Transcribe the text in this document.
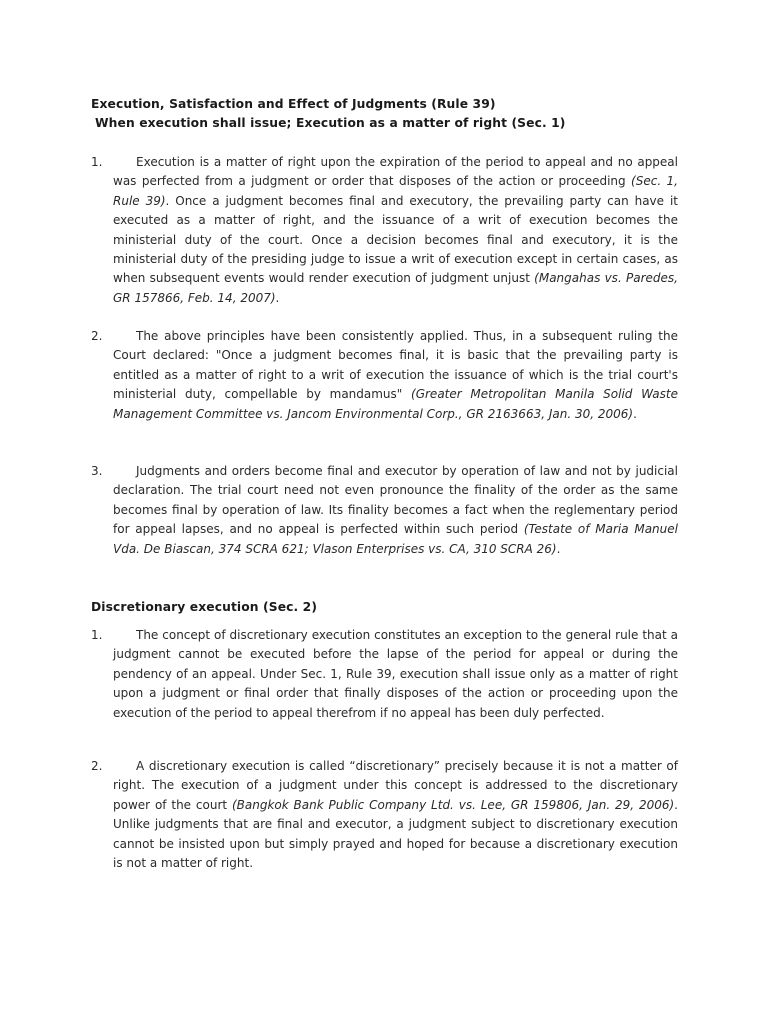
Execution, Satisfaction and Effect of Judgments (Rule 39)
When execution shall issue; Execution as a matter of right (Sec. 1)
1.	Execution is a matter of right upon the expiration of the period to appeal and no appeal was perfected from a judgment or order that disposes of the action or proceeding (Sec. 1, Rule 39). Once a judgment becomes final and executory, the prevailing party can have it executed as a matter of right, and the issuance of a writ of execution becomes the ministerial duty of the court. Once a decision becomes final and executory, it is the ministerial duty of the presiding judge to issue a writ of execution except in certain cases, as when subsequent events would render execution of judgment unjust (Mangahas vs. Paredes, GR 157866, Feb. 14, 2007).
2.	The above principles have been consistently applied. Thus, in a subsequent ruling the Court declared: "Once a judgment becomes final, it is basic that the prevailing party is entitled as a matter of right to a writ of execution the issuance of which is the trial court's ministerial duty, compellable by mandamus" (Greater Metropolitan Manila Solid Waste Management Committee vs. Jancom Environmental Corp., GR 2163663, Jan. 30, 2006).
3.	Judgments and orders become final and executor by operation of law and not by judicial declaration. The trial court need not even pronounce the finality of the order as the same becomes final by operation of law. Its finality becomes a fact when the reglementary period for appeal lapses, and no appeal is perfected within such period (Testate of Maria Manuel Vda. De Biascan, 374 SCRA 621; Vlason Enterprises vs. CA, 310 SCRA 26).
Discretionary execution (Sec. 2)
1.	The concept of discretionary execution constitutes an exception to the general rule that a judgment cannot be executed before the lapse of the period for appeal or during the pendency of an appeal. Under Sec. 1, Rule 39, execution shall issue only as a matter of right upon a judgment or final order that finally disposes of the action or proceeding upon the execution of the period to appeal therefrom if no appeal has been duly perfected.
2.	A discretionary execution is called “discretionary” precisely because it is not a matter of right. The execution of a judgment under this concept is addressed to the discretionary power of the court (Bangkok Bank Public Company Ltd. vs. Lee, GR 159806, Jan. 29, 2006). Unlike judgments that are final and executor, a judgment subject to discretionary execution cannot be insisted upon but simply prayed and hoped for because a discretionary execution is not a matter of right.
